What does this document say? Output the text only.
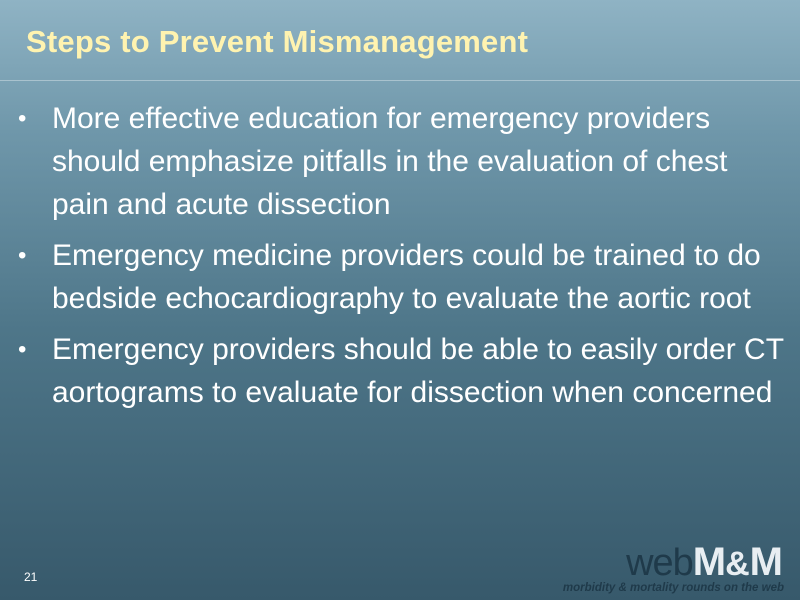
Steps to Prevent Mismanagement
• More effective education for emergency providers should emphasize pitfalls in the evaluation of chest pain and acute dissection
• Emergency medicine providers could be trained to do bedside echocardiography to evaluate the aortic root
• Emergency providers should be able to easily order CT aortograms to evaluate for dissection when concerned
21	webM&M
morbidity & mortality rounds on the web
